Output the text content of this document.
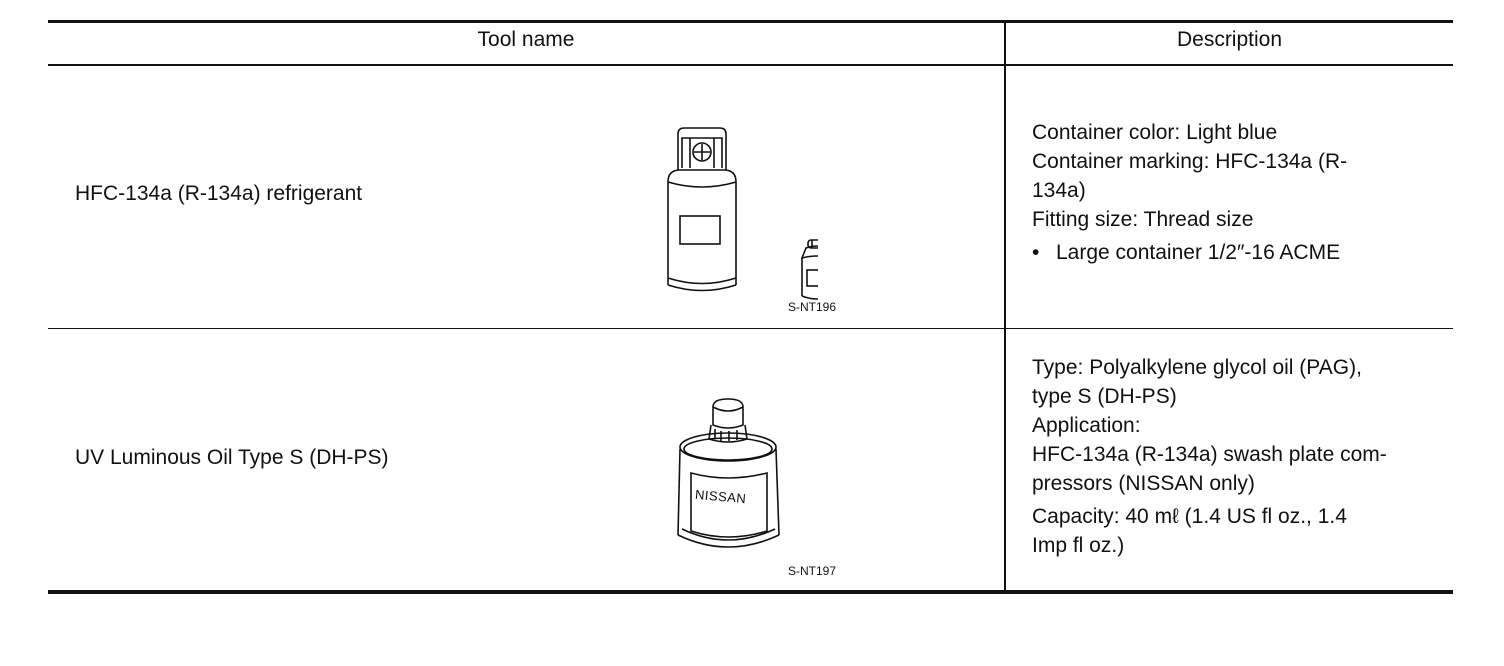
Tool name	Description
HFC-134a (R-134a) refrigerant
S-NT196

Container color: Light blue

Container marking: HFC-134a (R-

134a)

Fitting size: Thread size

• Large container 1/2″-16 ACME
UV Luminous Oil Type S (DH-PS)
NISSAN
S-NT197

Type: Polyalkylene glycol oil (PAG),

type S (DH-PS)

Application:

HFC-134a (R-134a) swash plate com-

pressors (NISSAN only)

Capacity: 40 mℓ (1.4 US fl oz., 1.4

Imp fl oz.)
